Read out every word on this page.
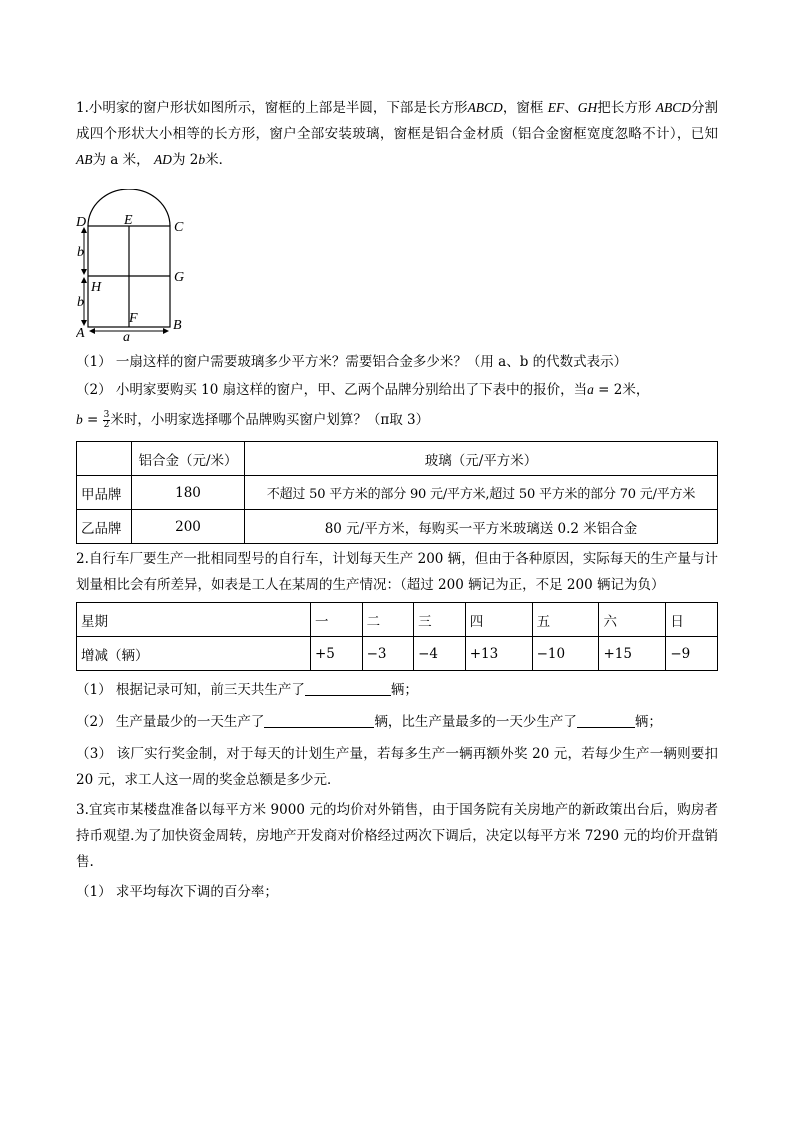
1.小明家的窗户形状如图所示，窗框的上部是半圆，下部是长方形ABCD，窗框 EF、GH把长方形 ABCD分割成四个形状大小相等的长方形，窗户全部安装玻璃，窗框是铝合金材质（铝合金窗框宽度忽略不计），已知AB为 a 米， AD为 2b米．

D	E	C
G
H
F
A
B
b
b
a

（1） 一扇这样的窗户需要玻璃多少平方米？需要铝合金多少米？（用 a、b 的代数式表示）

（2） 小明家要购买 10 扇这样的窗户，甲、乙两个品牌分别给出了下表中的报价，当a = 2米，

$b = \frac{3}{2}$ 米时，小明家选择哪个品牌购买窗户划算？（π取 3）

	铝合金（元/米）	玻璃（元/平方米）
甲品牌	180	不超过 50 平方米的部分 90 元/平方米,超过 50 平方米的部分 70 元/平方米
乙品牌	200	80 元/平方米，每购买一平方米玻璃送 0.2 米铝合金

2.自行车厂要生产一批相同型号的自行车，计划每天生产 200 辆，但由于各种原因，实际每天的生产量与计划量相比会有所差异，如表是工人在某周的生产情况：（超过 200 辆记为正，不足 200 辆记为负）

星期	一	二	三	四	五	六	日
增减（辆）	+5	−3	−4	+13	−10	+15	−9

（1） 根据记录可知，前三天共生产了	辆；

（2） 生产量最少的一天生产了	辆，比生产量最多的一天少生产了	辆；

（3） 该厂实行奖金制，对于每天的计划生产量，若每多生产一辆再额外奖 20 元，若每少生产一辆则要扣 20 元，求工人这一周的奖金总额是多少元．

3.宜宾市某楼盘准备以每平方米 9000 元的均价对外销售，由于国务院有关房地产的新政策出台后，购房者持币观望.为了加快资金周转，房地产开发商对价格经过两次下调后，决定以每平方米 7290 元的均价开盘销售.

（1） 求平均每次下调的百分率；
